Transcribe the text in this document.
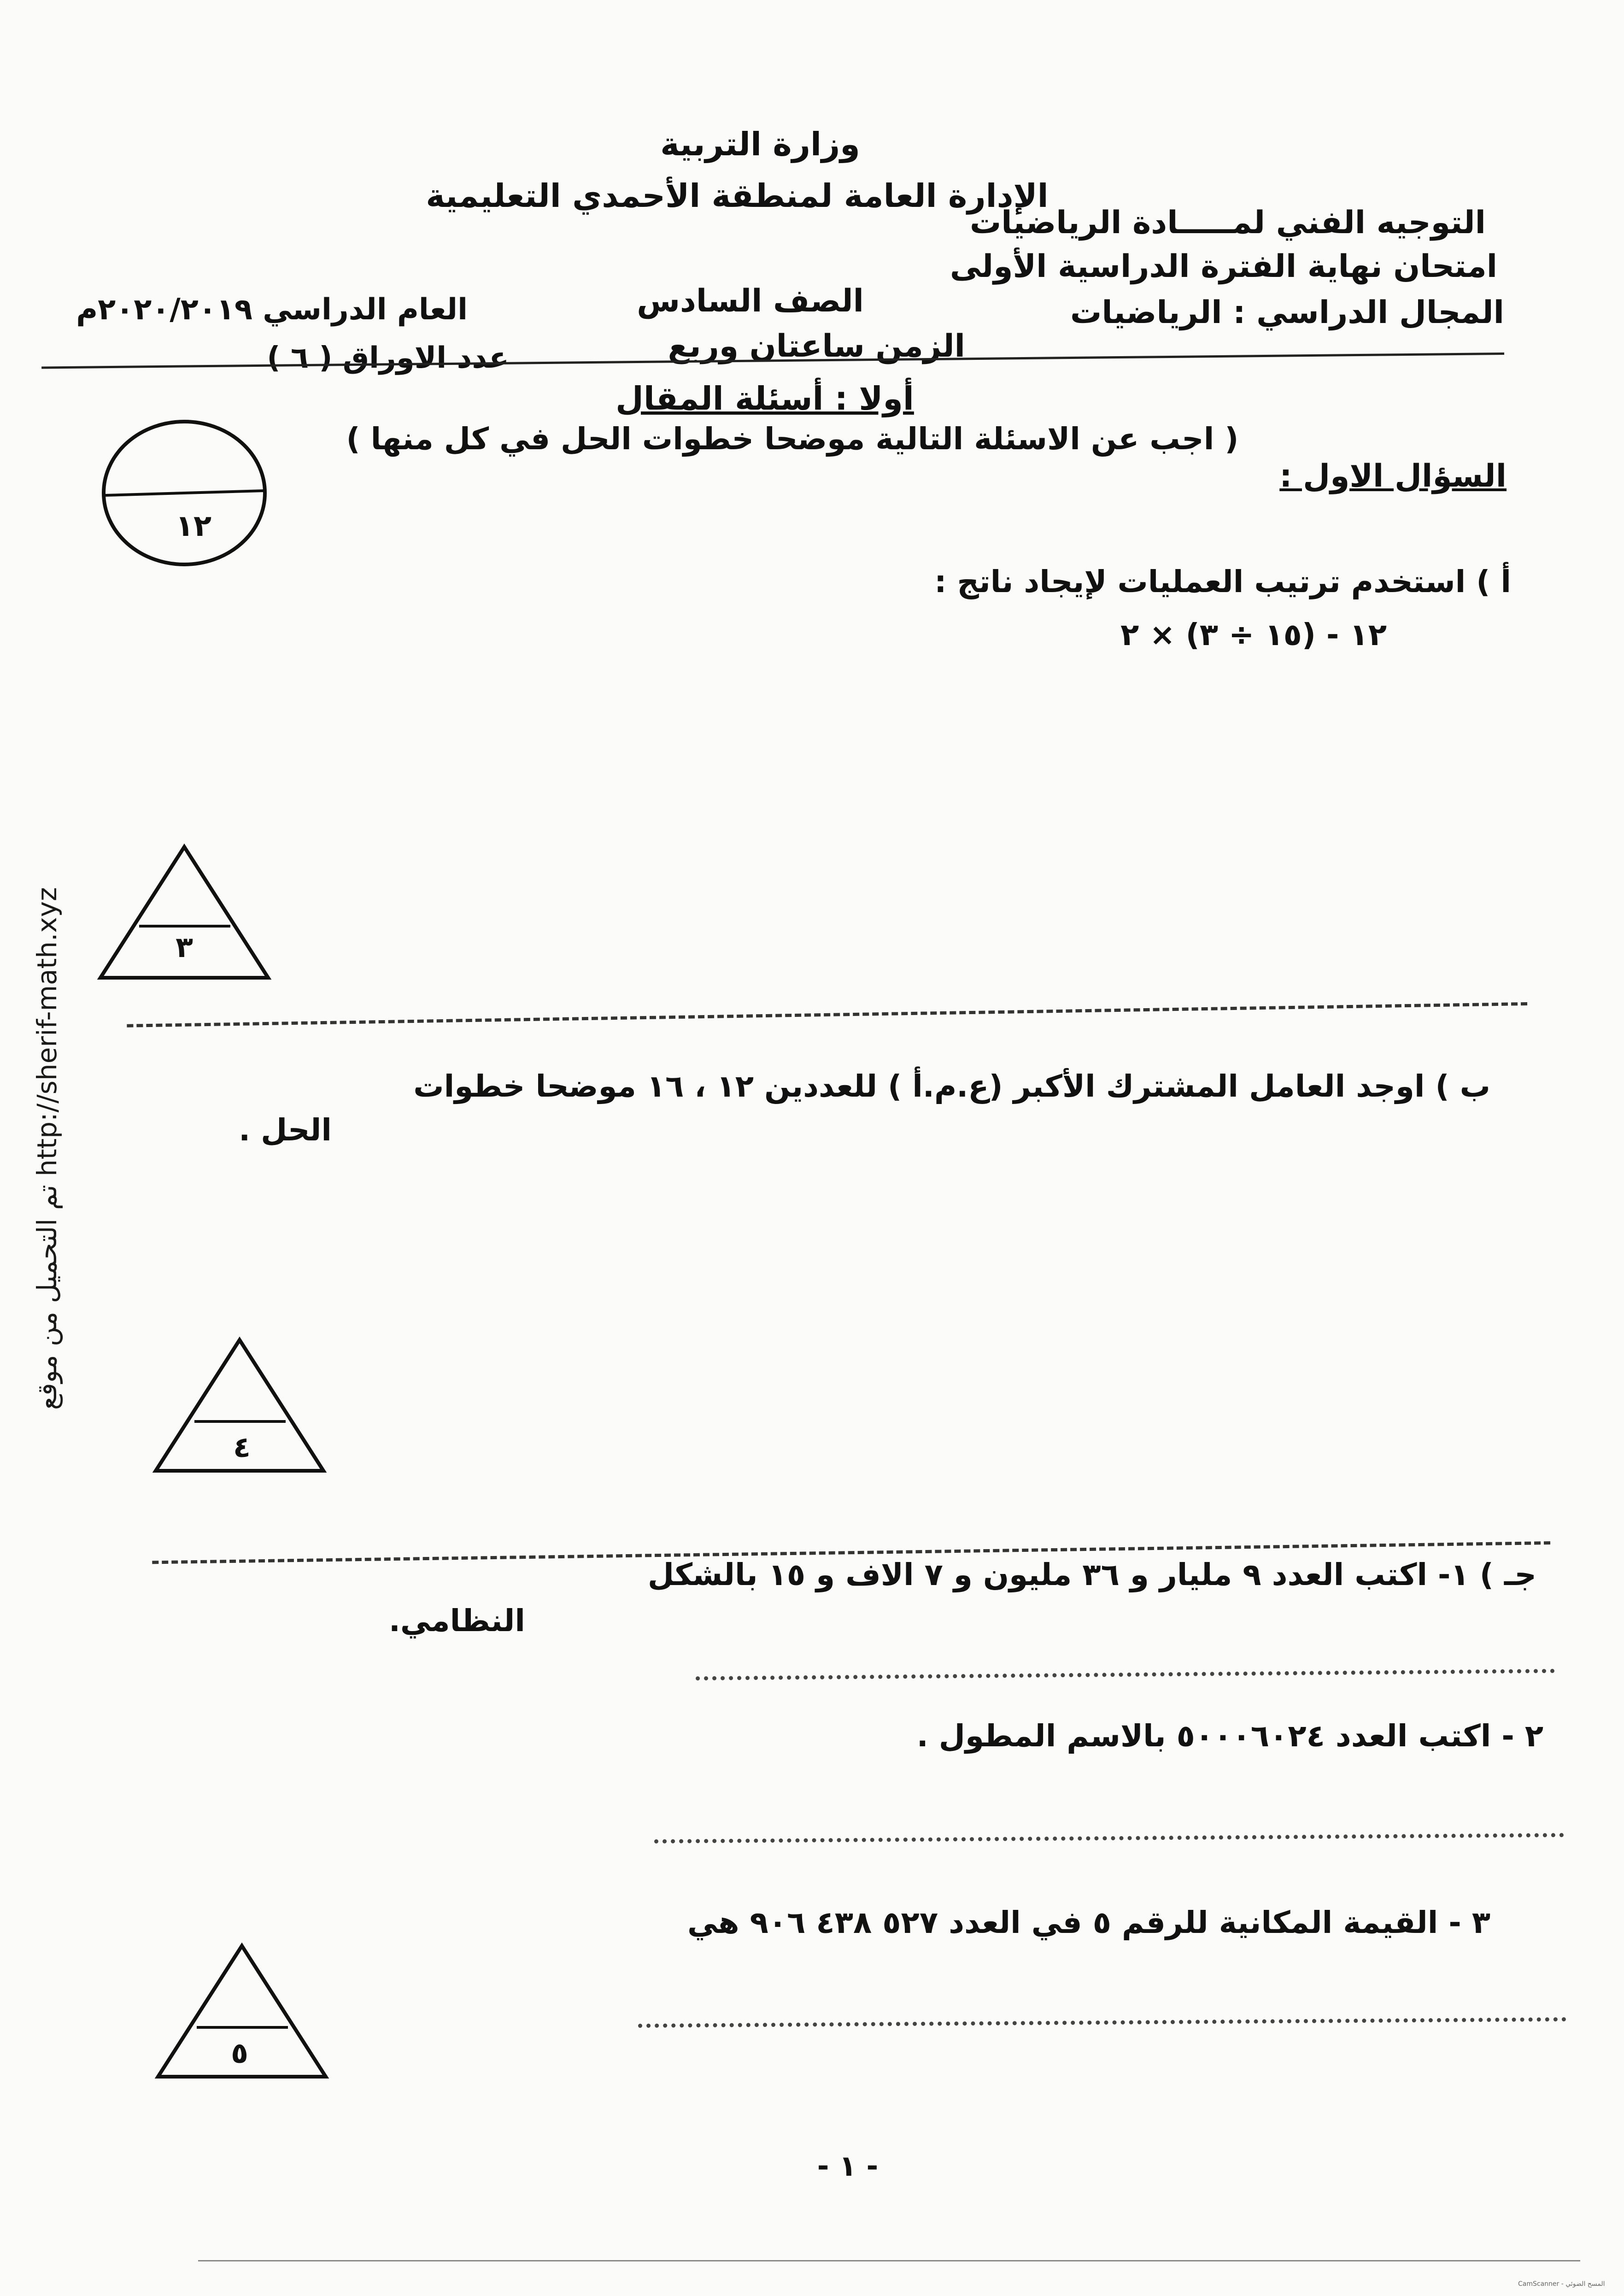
وزارة التربية
الإدارة العامة لمنطقة الأحمدي التعليمية
التوجيه الفني لمـــــادة الرياضيات
امتحان نهاية الفترة الدراسية الأولى
المجال الدراسي : الرياضيات
الصف السادس
الزمن ساعتان وربع
العام الدراسي ٢٠٢٠/٢٠١٩م
عدد الاوراق ( ٦ )
أولا : أسئلة المقال
( اجب عن الاسئلة التالية موضحا خطوات الحل في كل منها )
السؤال الاول :
١٢
أ ) استخدم ترتيب العمليات لإيجاد ناتج :
١٢ - (١٥ ÷ ٣) × ٢
٣
ب ) اوجد العامل المشترك الأكبر (ع.م.أ ) للعددين ١٢ ، ١٦ موضحا خطوات
الحل .
٤
جـ ) ١- اكتب العدد ٩ مليار و ٣٦ مليون و ٧ الاف و ١٥ بالشكل
النظامي.
٢ - اكتب العدد ٥٠٠٠٦٠٢٤ بالاسم المطول .
٣ - القيمة المكانية للرقم ٥ في العدد ٥٢٧ ٤٣٨ ٩٠٦ هي
٥
- ١ -
CamScanner - المسح الضوئي
تم التحميل من موقع http://sherif-math.xyz
